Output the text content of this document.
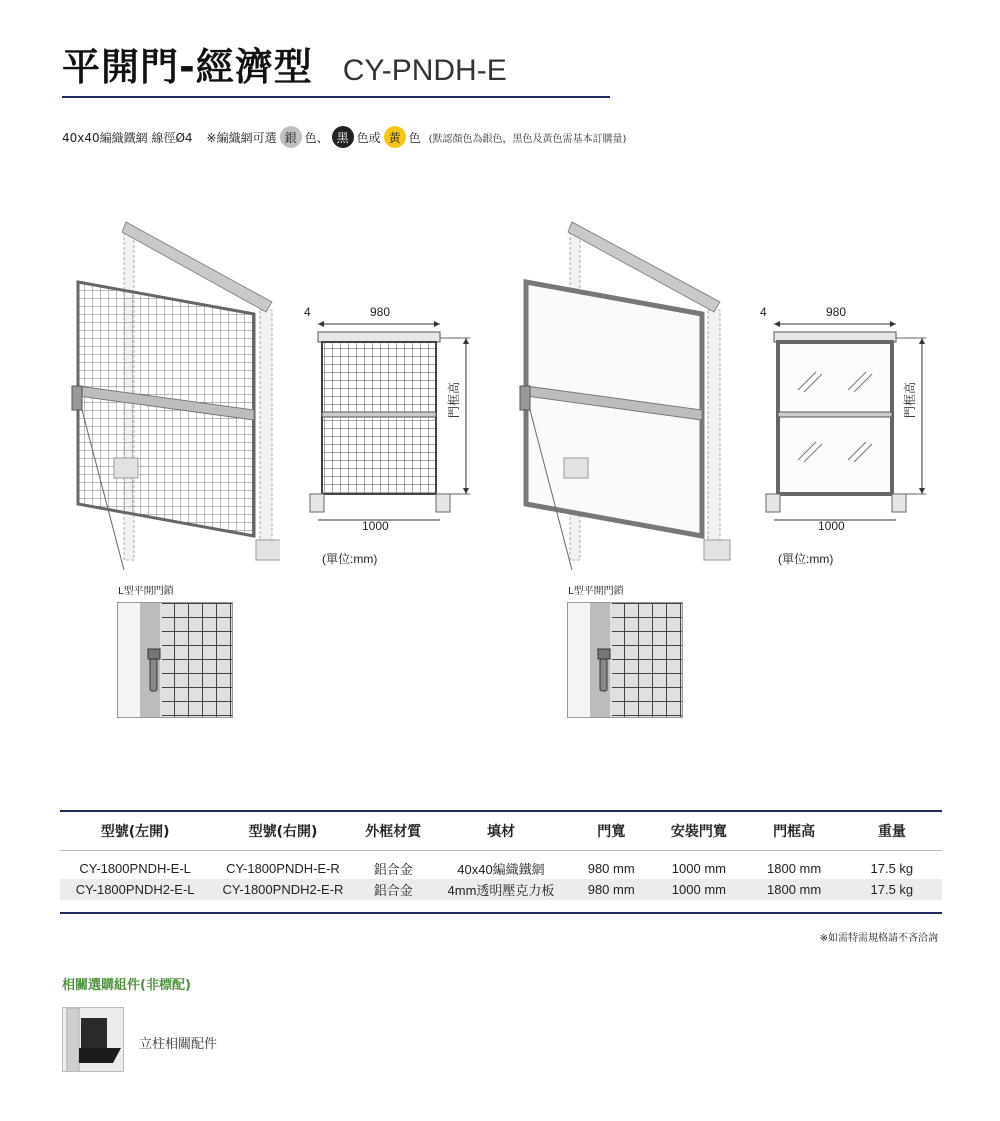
平開門-經濟型 CY-PNDH-E
40x40編織鐵網 線徑Ø4 ※編織網可選 銀 色、 黑 色或 黃 色 (默認顏色為銀色，黑色及黃色需基本訂購量)
4	980
門框高
1000
(單位:mm)
4	980
門框高
1000
(單位:mm)
L型平開門鎖	L型平開門鎖
型號(左開)	型號(右開)	外框材質	填材	門寬	安裝門寬	門框高	重量

CY-1800PNDH-E-L	CY-1800PNDH-E-R	鋁合金	40x40編織鐵網	980 mm	1000 mm	1800 mm	17.5 kg
CY-1800PNDH2-E-L	CY-1800PNDH2-E-R	鋁合金	4mm透明壓克力板	980 mm	1000 mm	1800 mm	17.5 kg

※如需特需規格請不吝洽詢
相關選購組件(非標配)
立柱相關配件
